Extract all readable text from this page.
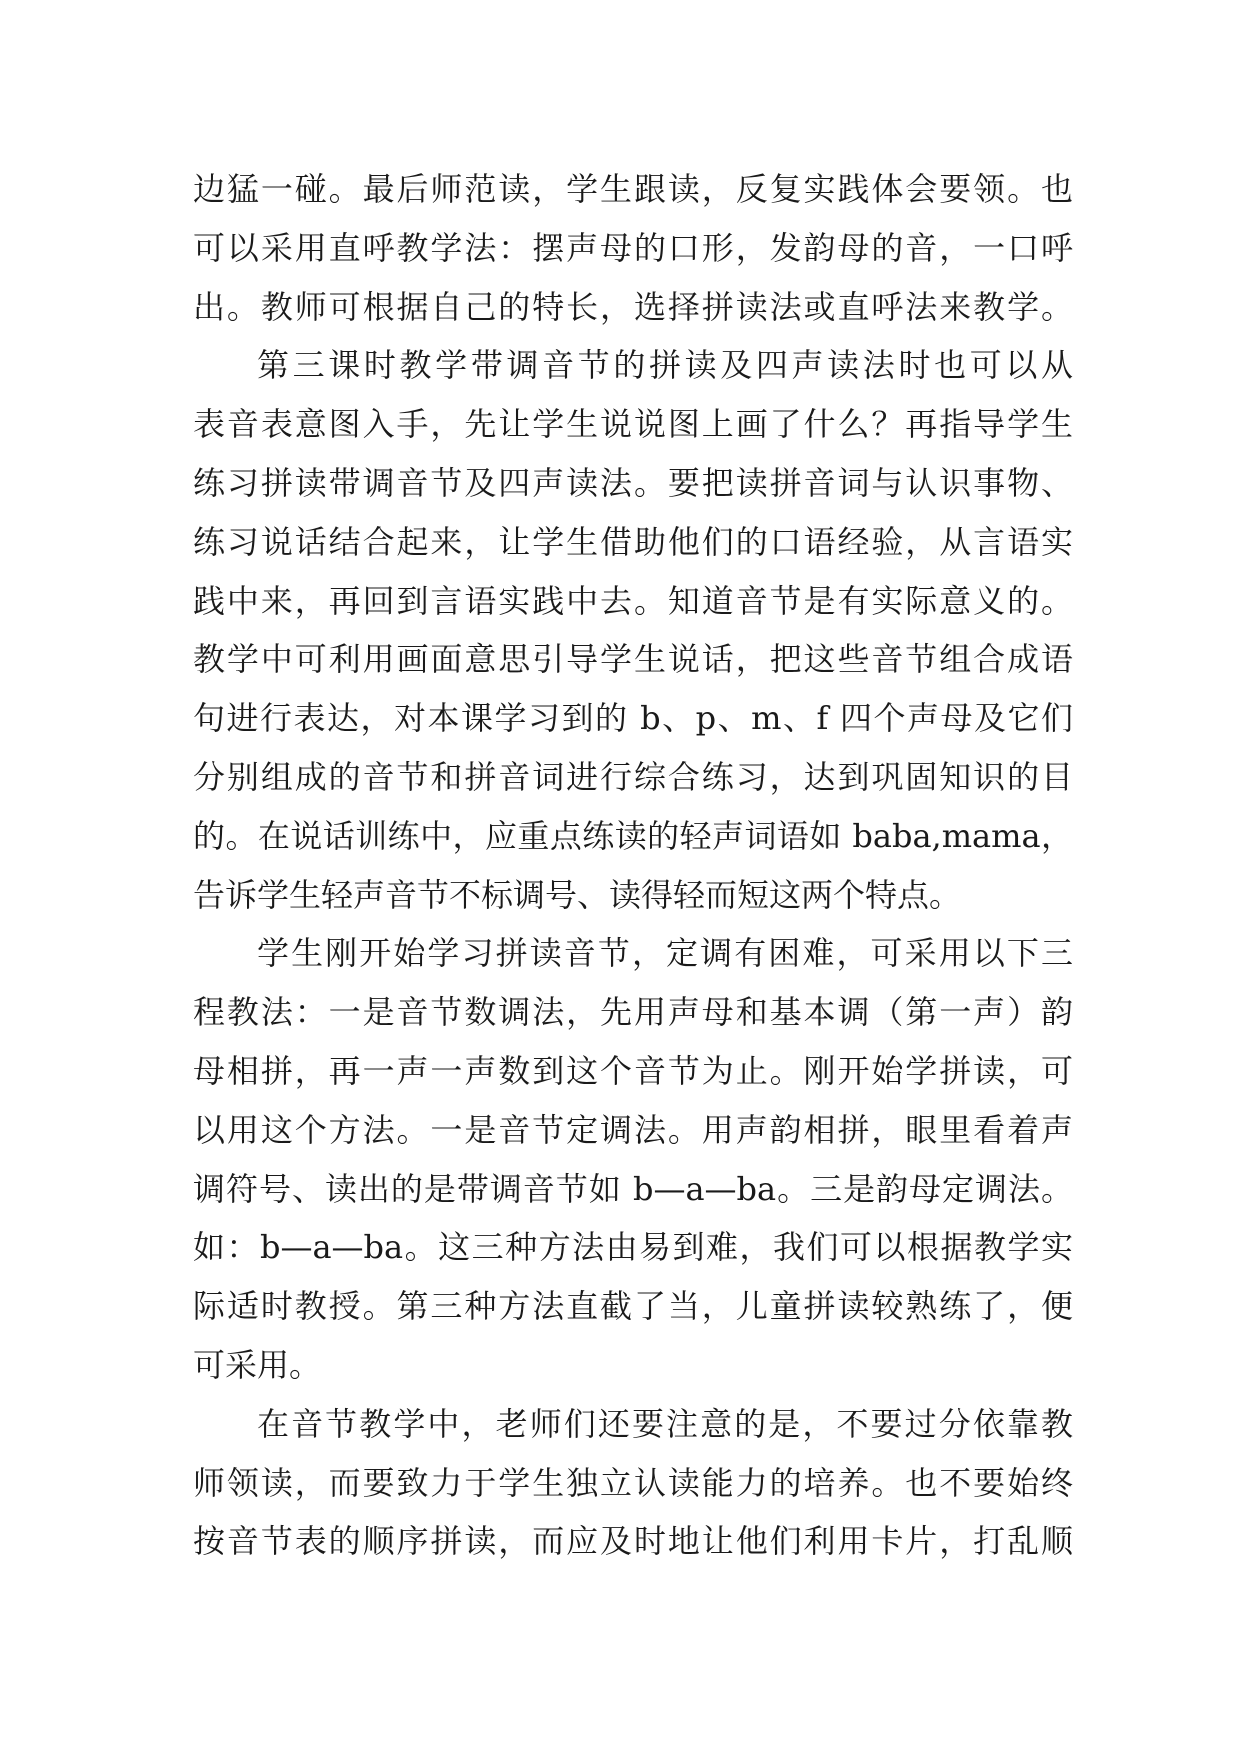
边猛一碰。最后师范读，学生跟读，反复实践体会要领。也
可以采用直呼教学法：摆声母的口形，发韵母的音，一口呼
出。教师可根据自己的特长，选择拼读法或直呼法来教学。
第三课时教学带调音节的拼读及四声读法时也可以从
表音表意图入手，先让学生说说图上画了什么？再指导学生
练习拼读带调音节及四声读法。要把读拼音词与认识事物、
练习说话结合起来，让学生借助他们的口语经验，从言语实
践中来，再回到言语实践中去。知道音节是有实际意义的。
教学中可利用画面意思引导学生说话，把这些音节组合成语
句进行表达，对本课学习到的 b、p、m、f 四个声母及它们
分别组成的音节和拼音词进行综合练习，达到巩固知识的目
的。在说话训练中，应重点练读的轻声词语如 baba,mama，
告诉学生轻声音节不标调号、读得轻而短这两个特点。
学生刚开始学习拼读音节，定调有困难，可采用以下三
程教法：一是音节数调法，先用声母和基本调（第一声）韵
母相拼，再一声一声数到这个音节为止。刚开始学拼读，可
以用这个方法。一是音节定调法。用声韵相拼，眼里看着声
调符号、读出的是带调音节如 b—a—ba。三是韵母定调法。
如：b—a—ba。这三种方法由易到难，我们可以根据教学实
际适时教授。第三种方法直截了当，儿童拼读较熟练了，便
可采用。
在音节教学中，老师们还要注意的是，不要过分依靠教
师领读，而要致力于学生独立认读能力的培养。也不要始终
按音节表的顺序拼读，而应及时地让他们利用卡片，打乱顺
